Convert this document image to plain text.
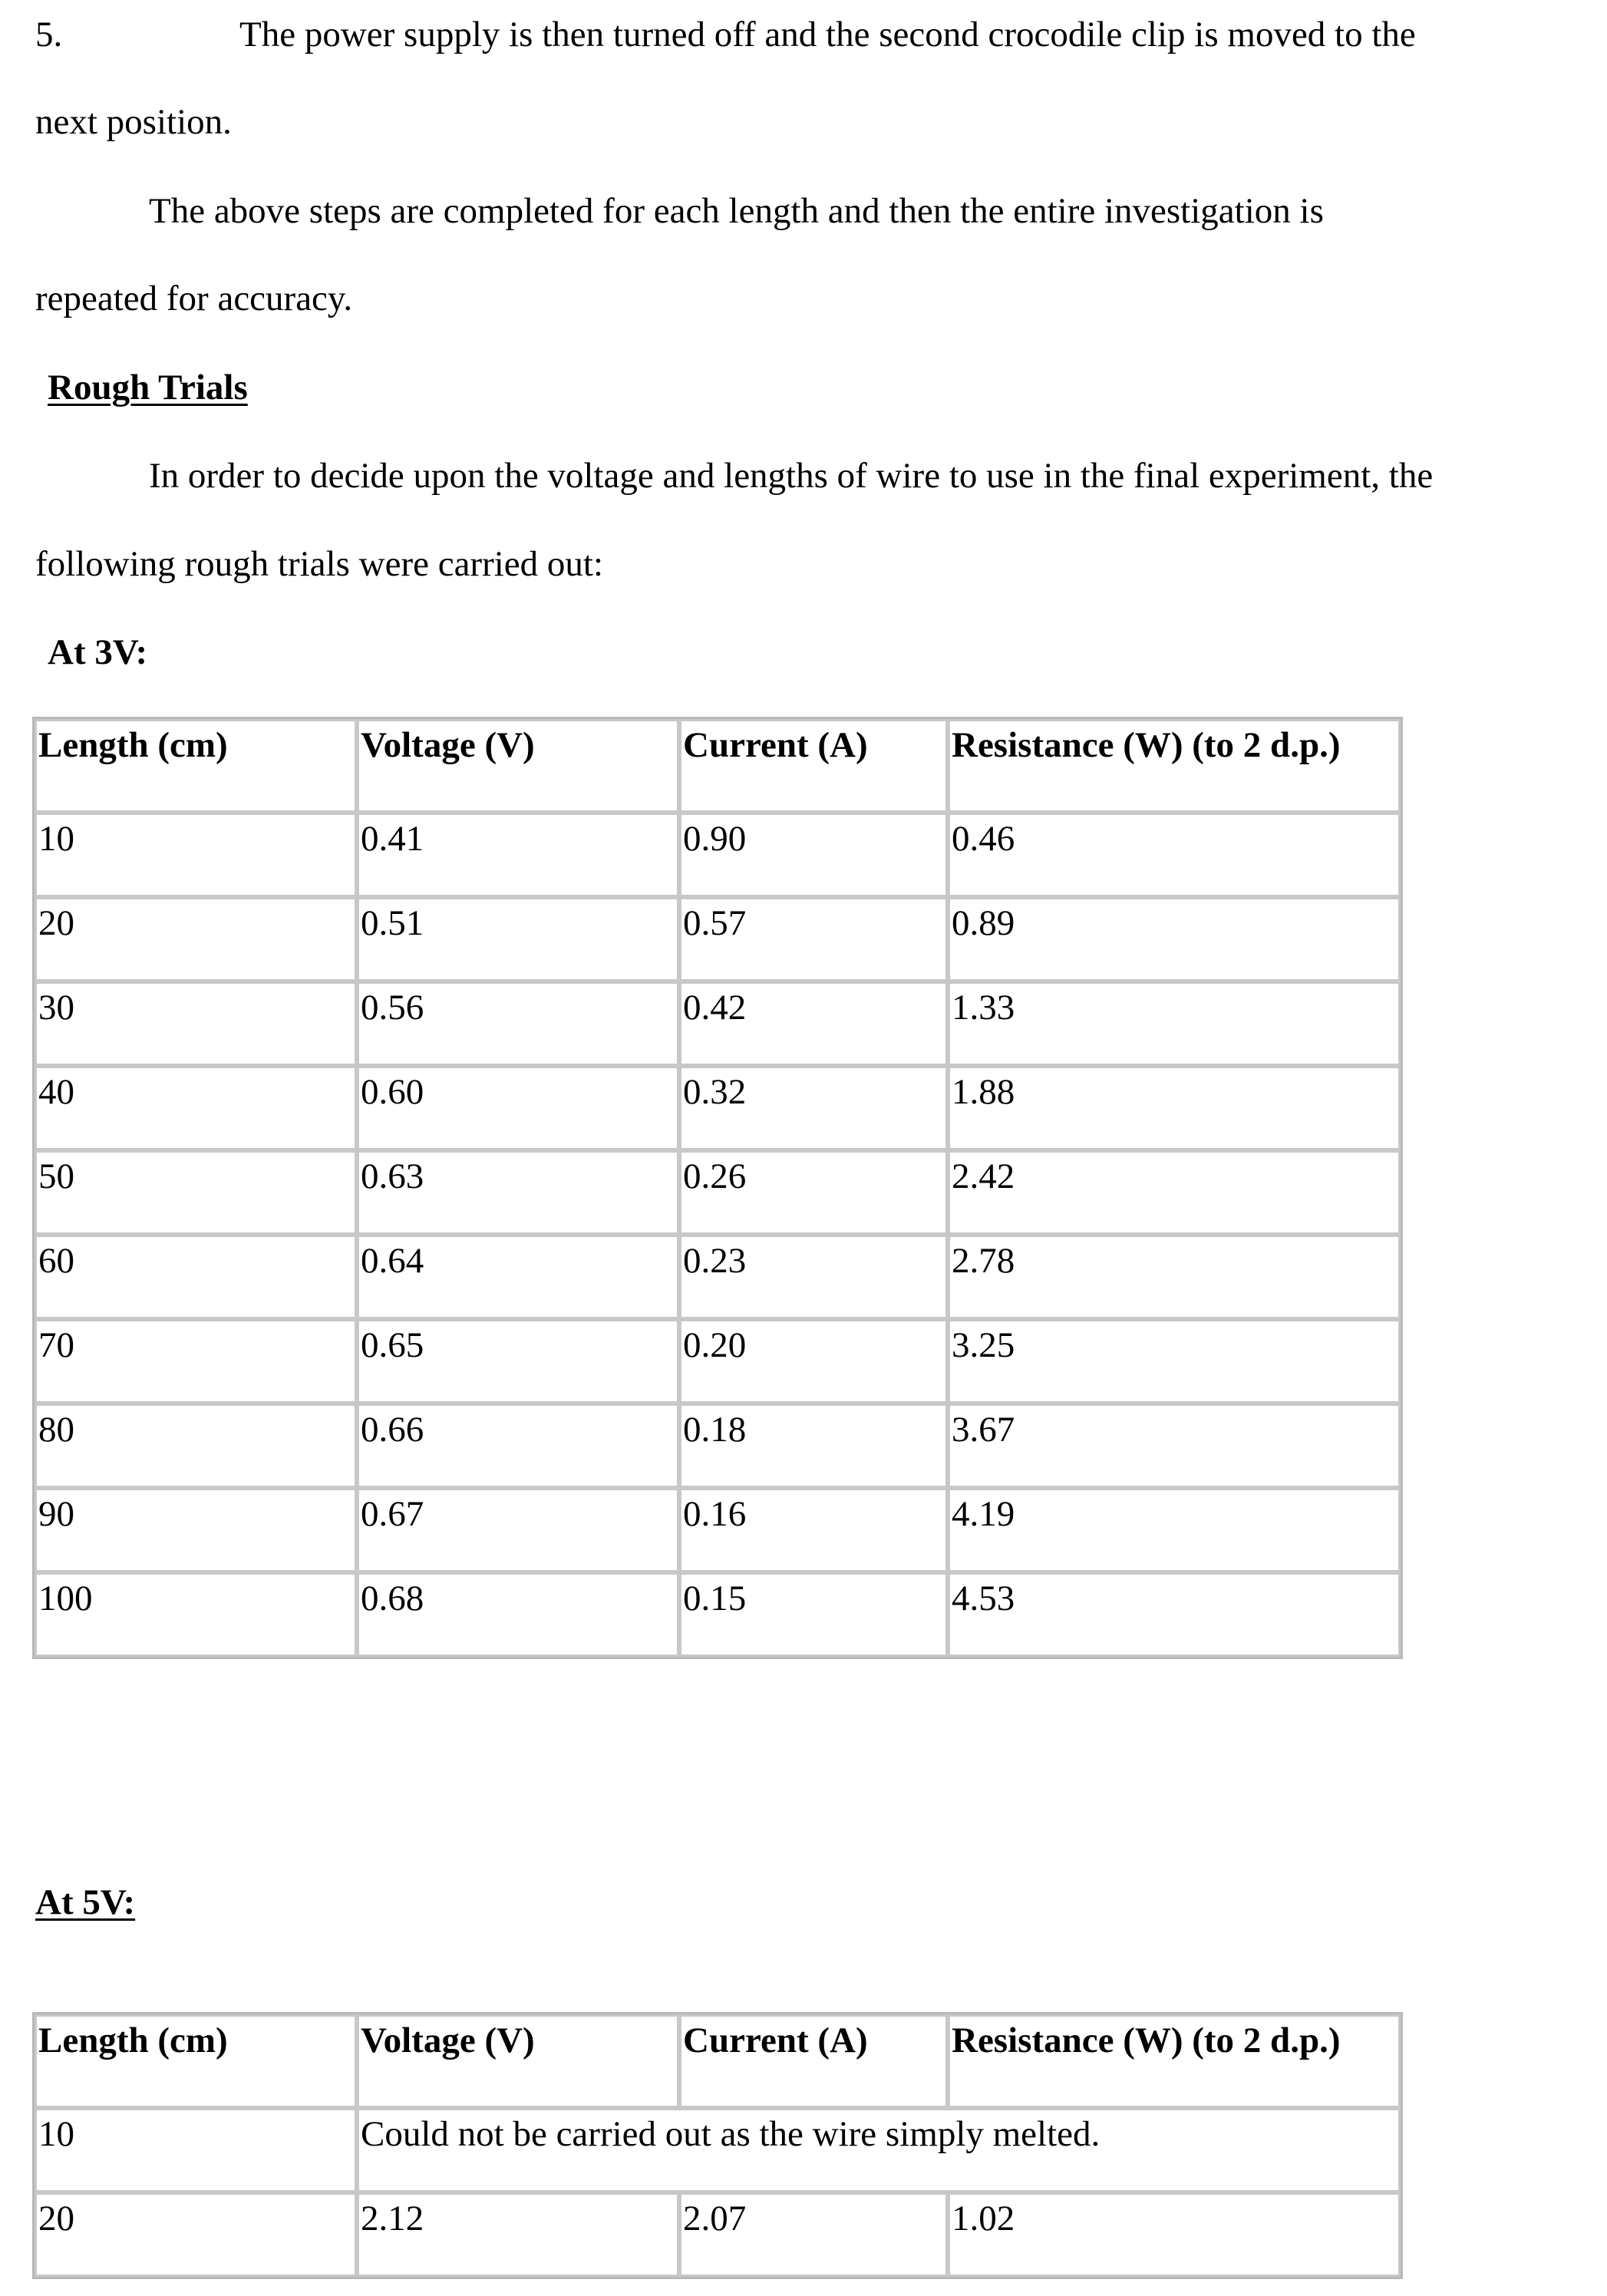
5.	The power supply is then turned off and the second crocodile clip is moved to the
next position.
The above steps are completed for each length and then the entire investigation is
repeated for accuracy.
Rough Trials
In order to decide upon the voltage and lengths of wire to use in the final experiment, the
following rough trials were carried out:
At 3V:
Length (cm)	Voltage (V)	Current (A)	Resistance (W) (to 2 d.p.)
10	0.41	0.90	0.46
20	0.51	0.57	0.89
30	0.56	0.42	1.33
40	0.60	0.32	1.88
50	0.63	0.26	2.42
60	0.64	0.23	2.78
70	0.65	0.20	3.25
80	0.66	0.18	3.67
90	0.67	0.16	4.19
100	0.68	0.15	4.53
At 5V:
Length (cm)	Voltage (V)	Current (A)	Resistance (W) (to 2 d.p.)
10	Could not be carried out as the wire simply melted.		
20	2.12	2.07	1.02
